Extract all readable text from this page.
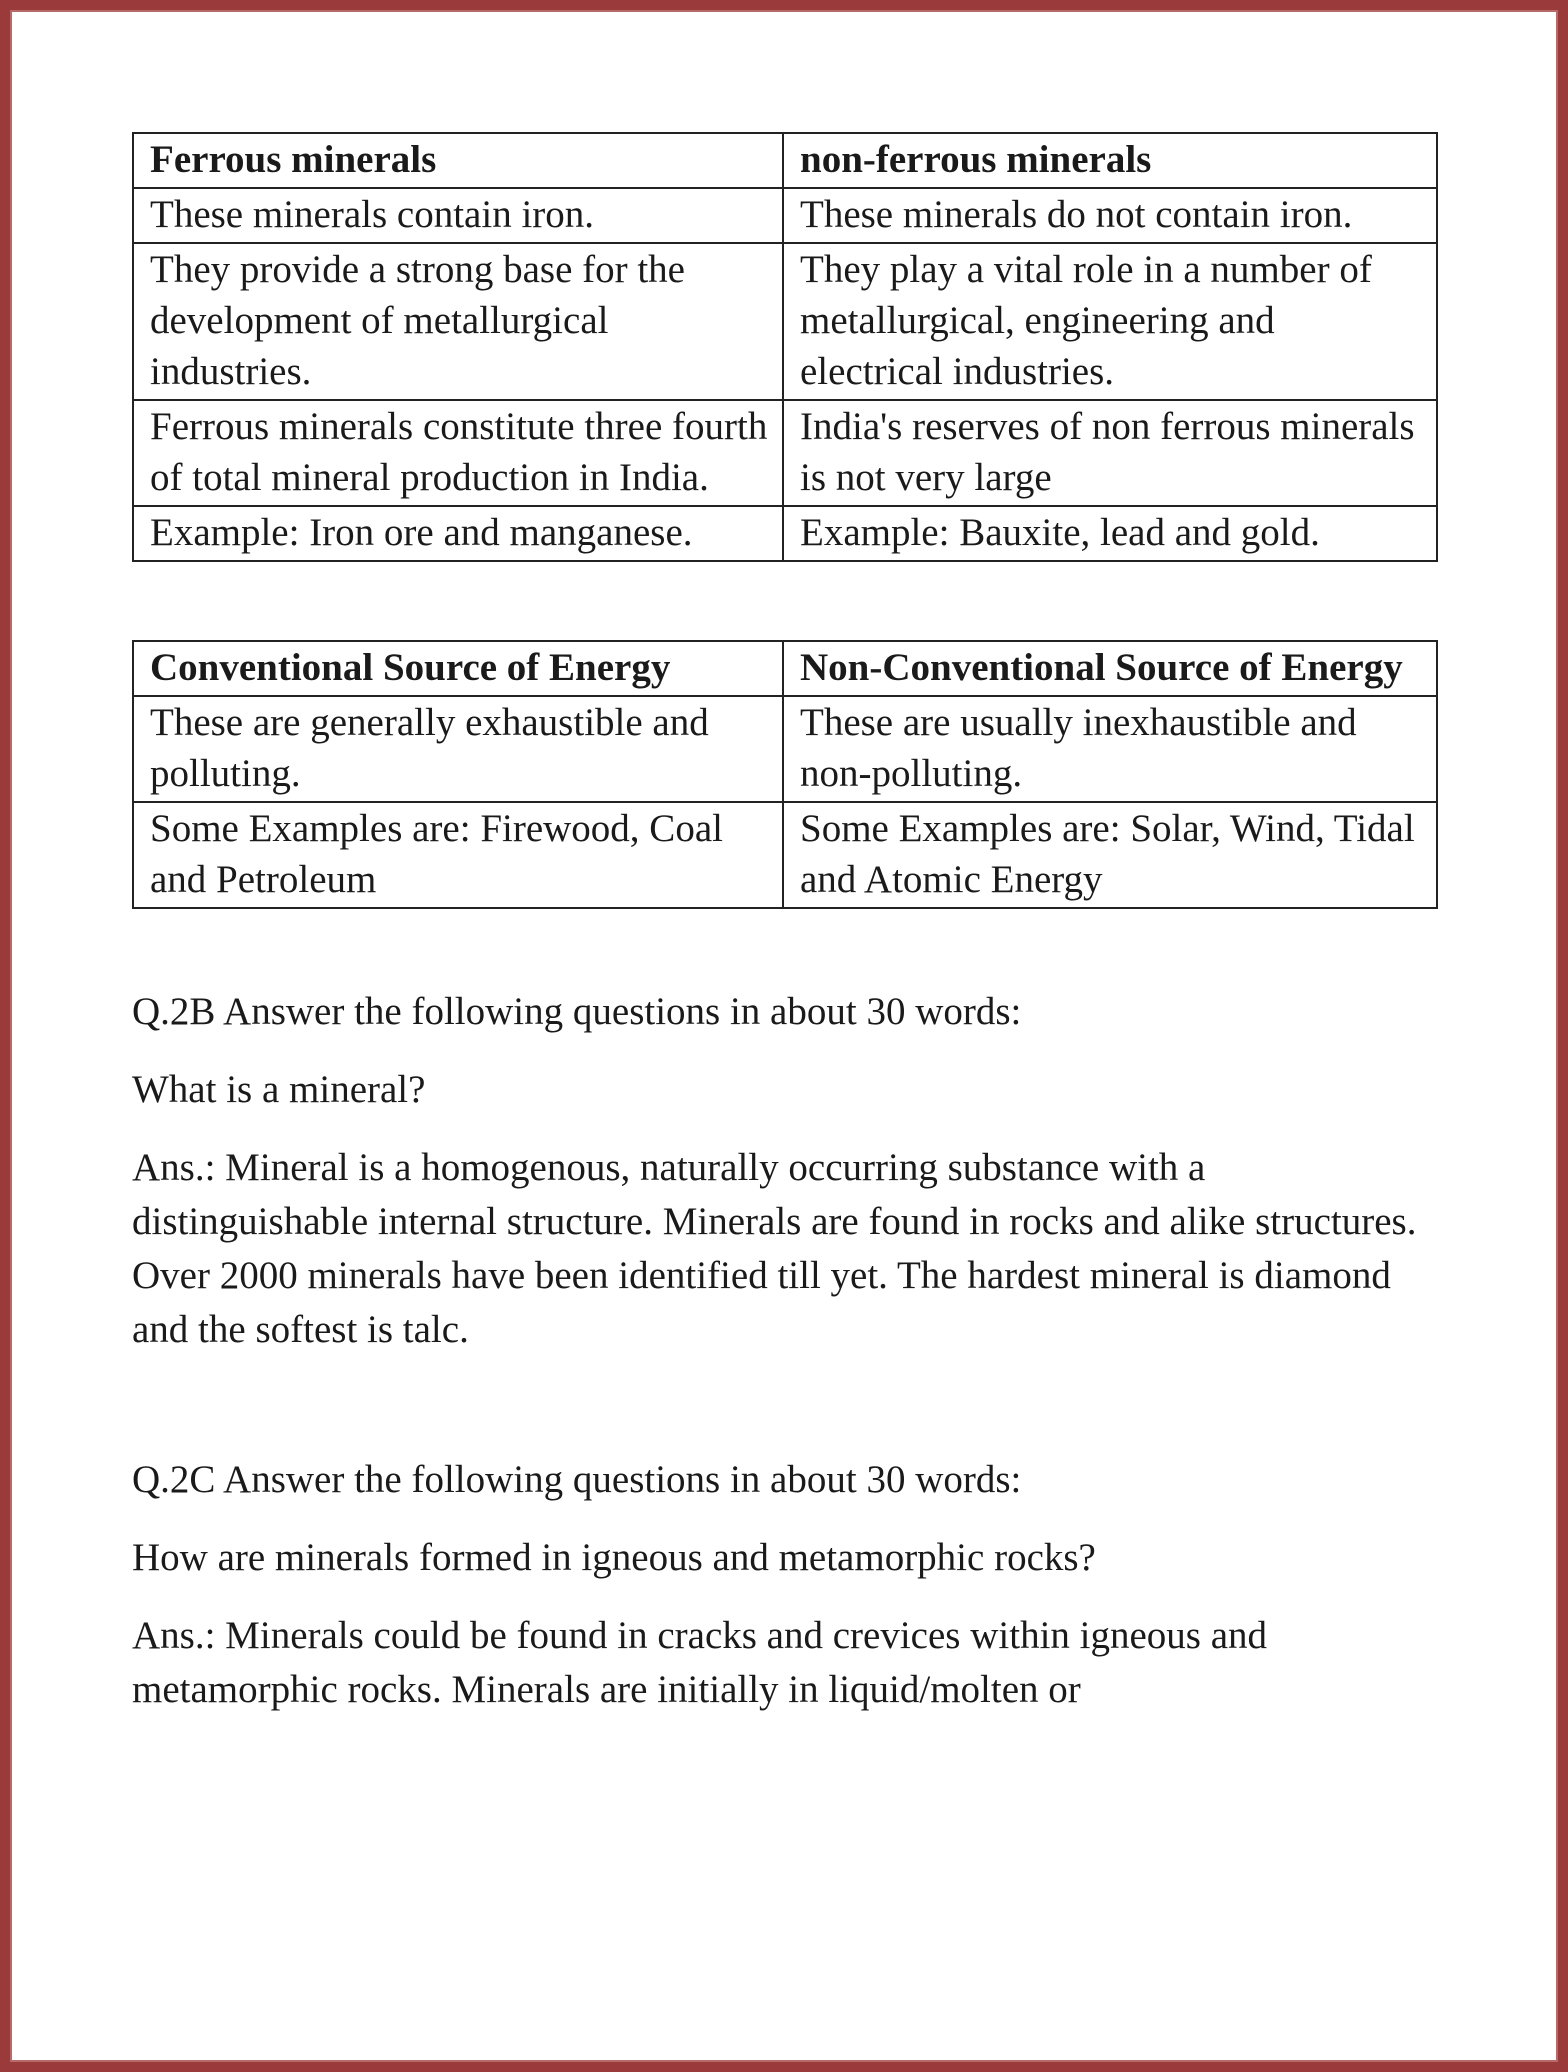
Ferrous minerals	non-ferrous minerals
These minerals contain iron.	These minerals do not contain iron.
They provide a strong base for the development of metallurgical industries.	They play a vital role in a number of metallurgical, engineering and electrical industries.
Ferrous minerals constitute three fourth of total mineral production in India.	India's reserves of non ferrous minerals is not very large
Example: Iron ore and manganese.	Example: Bauxite, lead and gold.
Conventional Source of Energy	Non-Conventional Source of Energy
These are generally exhaustible and polluting.	These are usually inexhaustible and non-polluting.
Some Examples are: Firewood, Coal and Petroleum	Some Examples are: Solar, Wind, Tidal and Atomic Energy

Q.2B Answer the following questions in about 30 words:

What is a mineral?

Ans.: Mineral is a homogenous, naturally occurring substance with a distinguishable internal structure. Minerals are found in rocks and alike structures. Over 2000 minerals have been identified till yet. The hardest mineral is diamond and the softest is talc.

Q.2C Answer the following questions in about 30 words:

How are minerals formed in igneous and metamorphic rocks?

Ans.: Minerals could be found in cracks and crevices within igneous and metamorphic rocks. Minerals are initially in liquid/molten or
